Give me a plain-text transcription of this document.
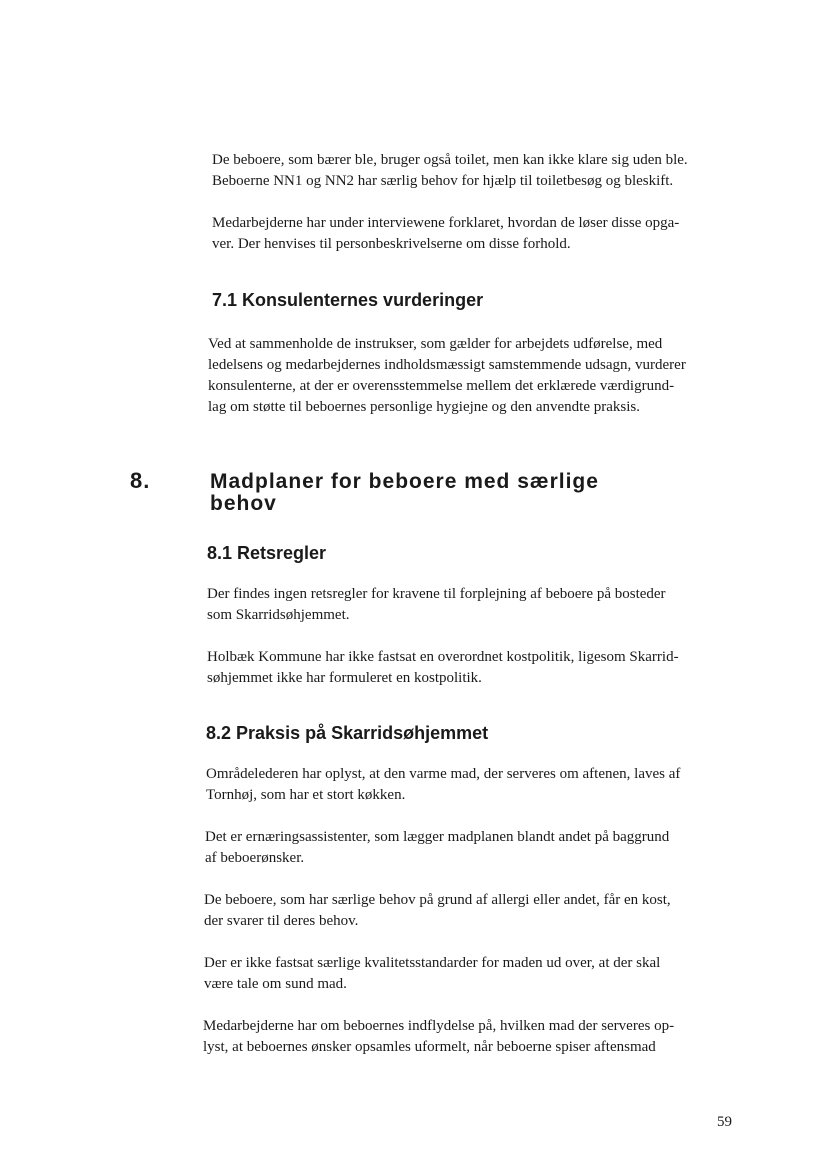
De beboere, som bærer ble, bruger også toilet, men kan ikke klare sig uden ble.
Beboerne NN1 og NN2 har særlig behov for hjælp til toiletbesøg og bleskift.

Medarbejderne har under interviewene forklaret, hvordan de løser disse opga-
ver. Der henvises til personbeskrivelserne om disse forhold.

7.1 Konsulenternes vurderinger

Ved at sammenholde de instrukser, som gælder for arbejdets udførelse, med
ledelsens og medarbejdernes indholdsmæssigt samstemmende udsagn, vurderer
konsulenterne, at der er overensstemmelse mellem det erklærede værdigrund-
lag om støtte til beboernes personlige hygiejne og den anvendte praksis.

8.	Madplaner for beboere med særlige
behov
8.1 Retsregler

Der findes ingen retsregler for kravene til forplejning af beboere på bosteder
som Skarridsøhjemmet.

Holbæk Kommune har ikke fastsat en overordnet kostpolitik, ligesom Skarrid-
søhjemmet ikke har formuleret en kostpolitik.

8.2 Praksis på Skarridsøhjemmet

Områdelederen har oplyst, at den varme mad, der serveres om aftenen, laves af
Tornhøj, som har et stort køkken.

Det er ernæringsassistenter, som lægger madplanen blandt andet på baggrund
af beboerønsker.

De beboere, som har særlige behov på grund af allergi eller andet, får en kost,
der svarer til deres behov.

Der er ikke fastsat særlige kvalitetsstandarder for maden ud over, at der skal
være tale om sund mad.

Medarbejderne har om beboernes indflydelse på, hvilken mad der serveres op-
lyst, at beboernes ønsker opsamles uformelt, når beboerne spiser aftensmad

59
